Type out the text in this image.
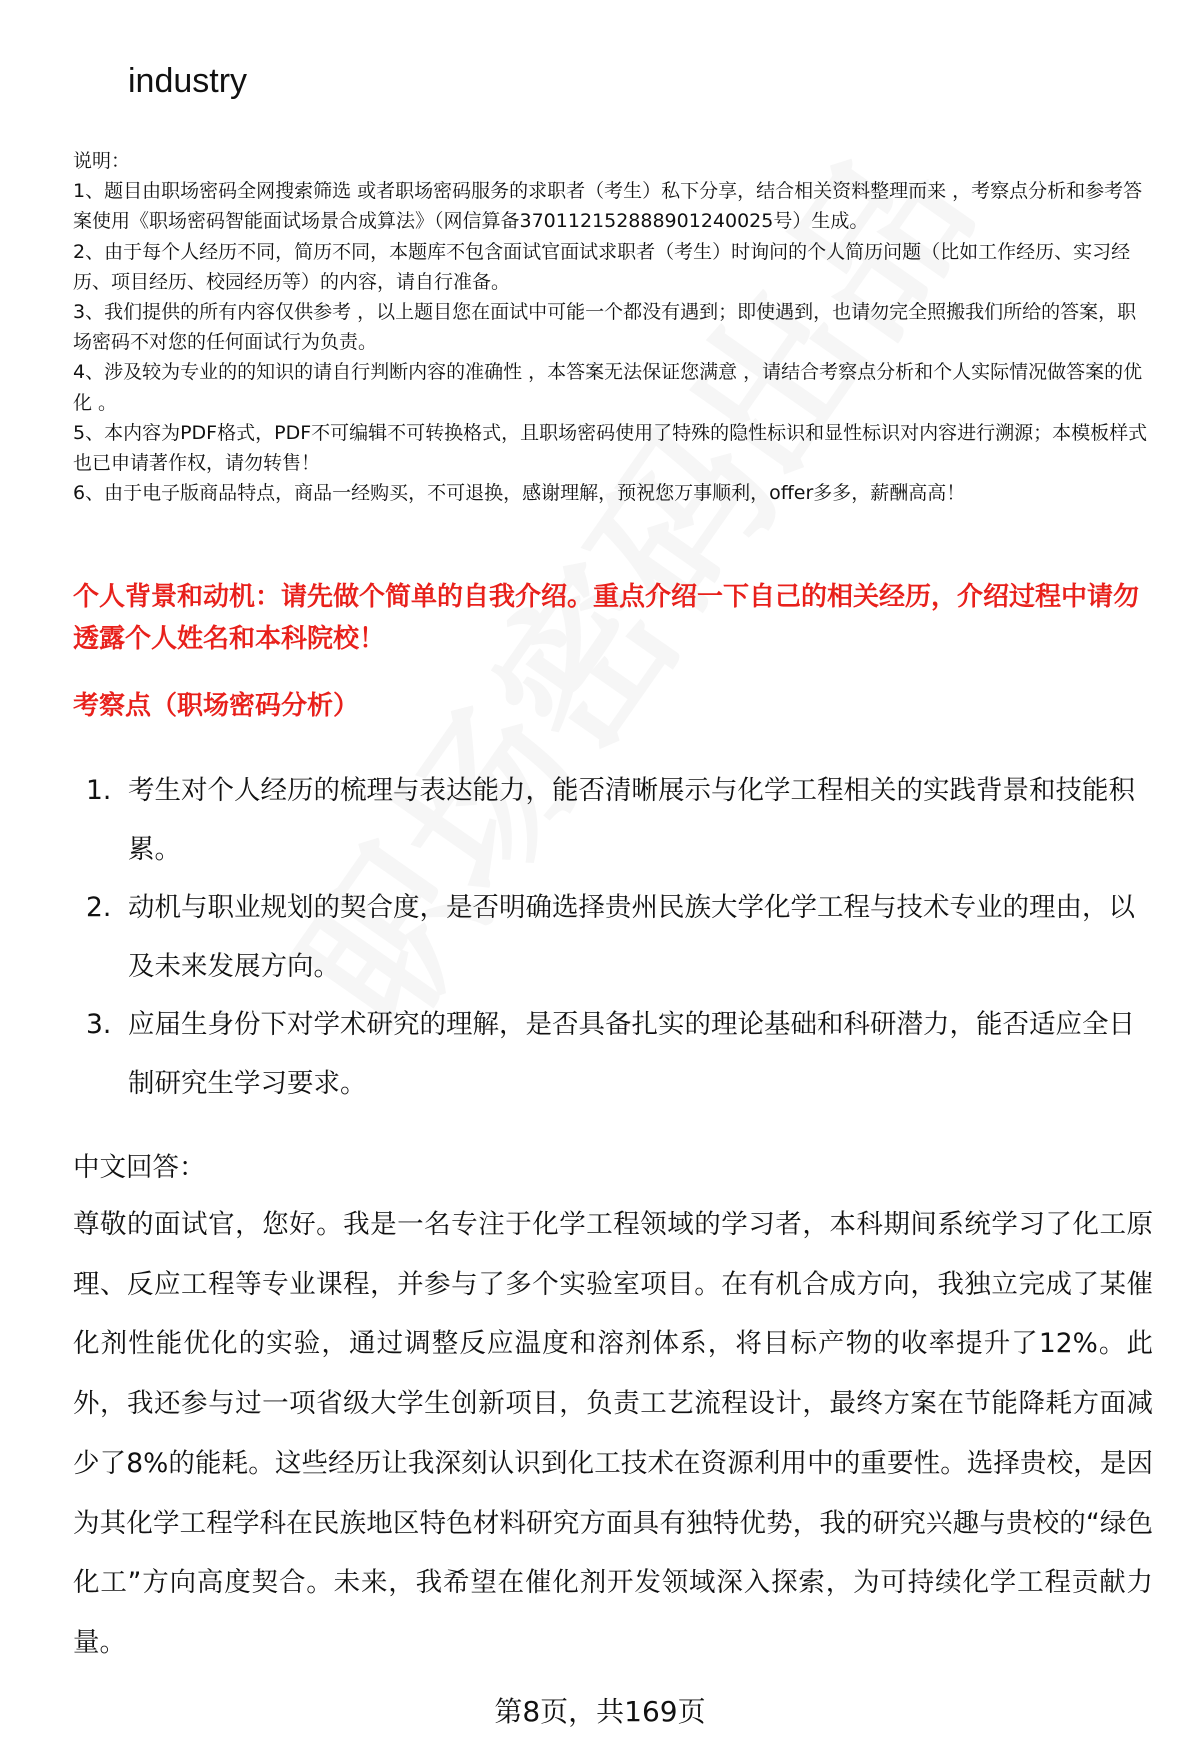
industry

说明：

1、题目由职场密码全网搜索筛选 或者职场密码服务的求职者（考生）私下分享，结合相关资料整理而来 ，考察点分析和参考答案使用《职场密码智能面试场景合成算法》（网信算备370112152888901240025号）生成。

2、由于每个人经历不同，简历不同，本题库不包含面试官面试求职者（考生）时询问的个人简历问题（比如工作经历、实习经历、项目经历、校园经历等）的内容，请自行准备。

3、我们提供的所有内容仅供参考 ，以上题目您在面试中可能一个都没有遇到；即使遇到，也请勿完全照搬我们所给的答案，职场密码不对您的任何面试行为负责。

4、涉及较为专业的的知识的请自行判断内容的准确性 ，本答案无法保证您满意 ，请结合考察点分析和个人实际情况做答案的优化 。

5、本内容为PDF格式，PDF不可编辑不可转换格式，且职场密码使用了特殊的隐性标识和显性标识对内容进行溯源；本模板样式也已申请著作权，请勿转售！

6、由于电子版商品特点，商品一经购买，不可退换，感谢理解，预祝您万事顺利，offer多多，薪酬高高！

个人背景和动机：请先做个简单的自我介绍。重点介绍一下自己的相关经历，介绍过程中请勿透露个人姓名和本科院校！
考察点（职场密码分析）
1. 考生对个人经历的梳理与表达能力，能否清晰展示与化学工程相关的实践背景和技能积累。
2. 动机与职业规划的契合度，是否明确选择贵州民族大学化学工程与技术专业的理由，以及未来发展方向。
3. 应届生身份下对学术研究的理解，是否具备扎实的理论基础和科研潜力，能否适应全日制研究生学习要求。
中文回答：
尊敬的面试官，您好。我是一名专注于化学工程领域的学习者，本科期间系统学习了化工原理、反应工程等专业课程，并参与了多个实验室项目。在有机合成方向，我独立完成了某催化剂性能优化的实验，通过调整反应温度和溶剂体系，将目标产物的收率提升了12%。此外，我还参与过一项省级大学生创新项目，负责工艺流程设计，最终方案在节能降耗方面减少了8%的能耗。这些经历让我深刻认识到化工技术在资源利用中的重要性。选择贵校，是因为其化学工程学科在民族地区特色材料研究方面具有独特优势，我的研究兴趣与贵校的“绿色化工”方向高度契合。未来，我希望在催化剂开发领域深入探索，为可持续化学工程贡献力量。
第8页，共169页
